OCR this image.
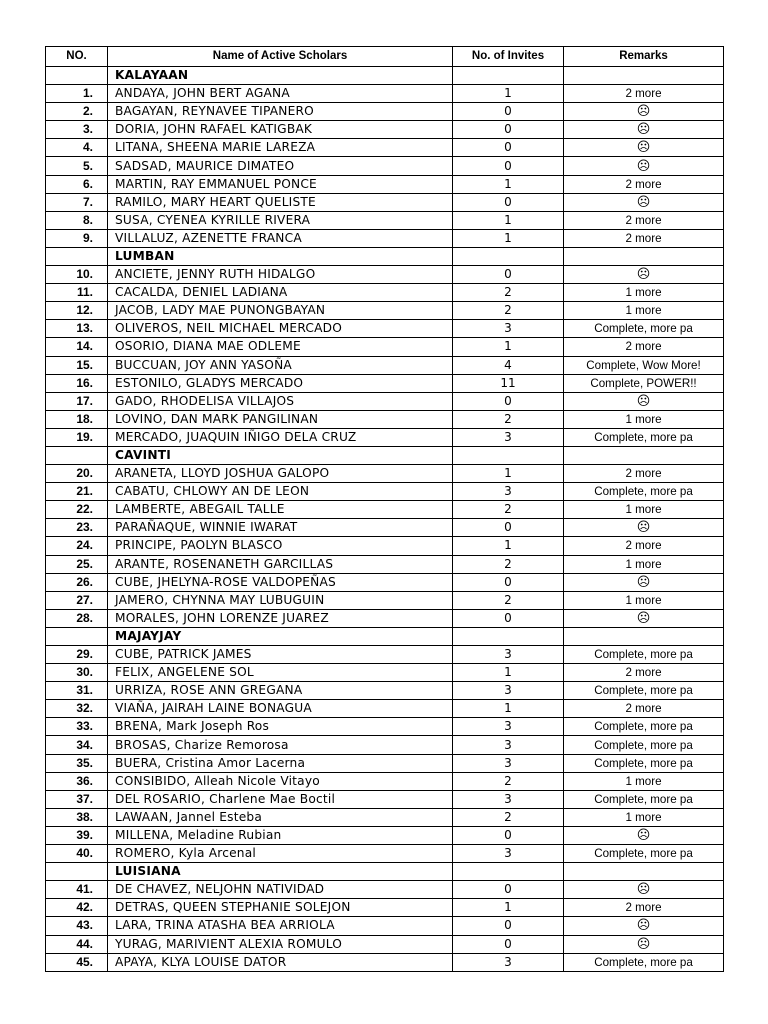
NO.	Name of Active Scholars	No. of Invites	Remarks
	KALAYAAN		
1.	ANDAYA, JOHN BERT AGANA	1	2 more
2.	BAGAYAN, REYNAVEE TIPANERO	0	☹
3.	DORIA, JOHN RAFAEL KATIGBAK	0	☹
4.	LITANA, SHEENA MARIE LAREZA	0	☹
5.	SADSAD, MAURICE DIMATEO	0	☹
6.	MARTIN, RAY EMMANUEL PONCE	1	2 more
7.	RAMILO, MARY HEART QUELISTE	0	☹
8.	SUSA, CYENEA KYRILLE RIVERA	1	2 more
9.	VILLALUZ, AZENETTE FRANCA	1	2 more
	LUMBAN		
10.	ANCIETE, JENNY RUTH HIDALGO	0	☹
11.	CACALDA, DENIEL LADIANA	2	1 more
12.	JACOB, LADY MAE PUNONGBAYAN	2	1 more
13.	OLIVEROS, NEIL MICHAEL MERCADO	3	Complete, more pa
14.	OSORIO, DIANA MAE ODLEME	1	2 more
15.	BUCCUAN, JOY ANN YASOÑA	4	Complete, Wow More!
16.	ESTONILO, GLADYS MERCADO	11	Complete, POWER!!
17.	GADO, RHODELISA VILLAJOS	0	☹
18.	LOVINO, DAN MARK PANGILINAN	2	1 more
19.	MERCADO, JUAQUIN IÑIGO DELA CRUZ	3	Complete, more pa
	CAVINTI		
20.	ARANETA, LLOYD JOSHUA GALOPO	1	2 more
21.	CABATU, CHLOWY AN DE LEON	3	Complete, more pa
22.	LAMBERTE, ABEGAIL TALLE	2	1 more
23.	PARAÑAQUE, WINNIE IWARAT	0	☹
24.	PRINCIPE, PAOLYN BLASCO	1	2 more
25.	ARANTE, ROSENANETH GARCILLAS	2	1 more
26.	CUBE, JHELYNA-ROSE VALDOPEÑAS	0	☹
27.	JAMERO, CHYNNA MAY LUBUGUIN	2	1 more
28.	MORALES, JOHN LORENZE JUAREZ	0	☹
	MAJAYJAY		
29.	CUBE, PATRICK JAMES	3	Complete, more pa
30.	FELIX, ANGELENE SOL	1	2 more
31.	URRIZA, ROSE ANN GREGANA	3	Complete, more pa
32.	VIAÑA, JAIRAH LAINE BONAGUA	1	2 more
33.	BRENA, Mark Joseph Ros	3	Complete, more pa
34.	BROSAS, Charize Remorosa	3	Complete, more pa
35.	BUERA, Cristina Amor Lacerna	3	Complete, more pa
36.	CONSIBIDO, Alleah Nicole Vitayo	2	1 more
37.	DEL ROSARIO, Charlene Mae Boctil	3	Complete, more pa
38.	LAWAAN, Jannel Esteba	2	1 more
39.	MILLENA, Meladine Rubian	0	☹
40.	ROMERO, Kyla Arcenal	3	Complete, more pa
	LUISIANA		
41.	DE CHAVEZ, NELJOHN NATIVIDAD	0	☹
42.	DETRAS, QUEEN STEPHANIE SOLEJON	1	2 more
43.	LARA, TRINA ATASHA BEA ARRIOLA	0	☹
44.	YURAG, MARIVIENT ALEXIA ROMULO	0	☹
45.	APAYA, KLYA LOUISE DATOR	3	Complete, more pa
